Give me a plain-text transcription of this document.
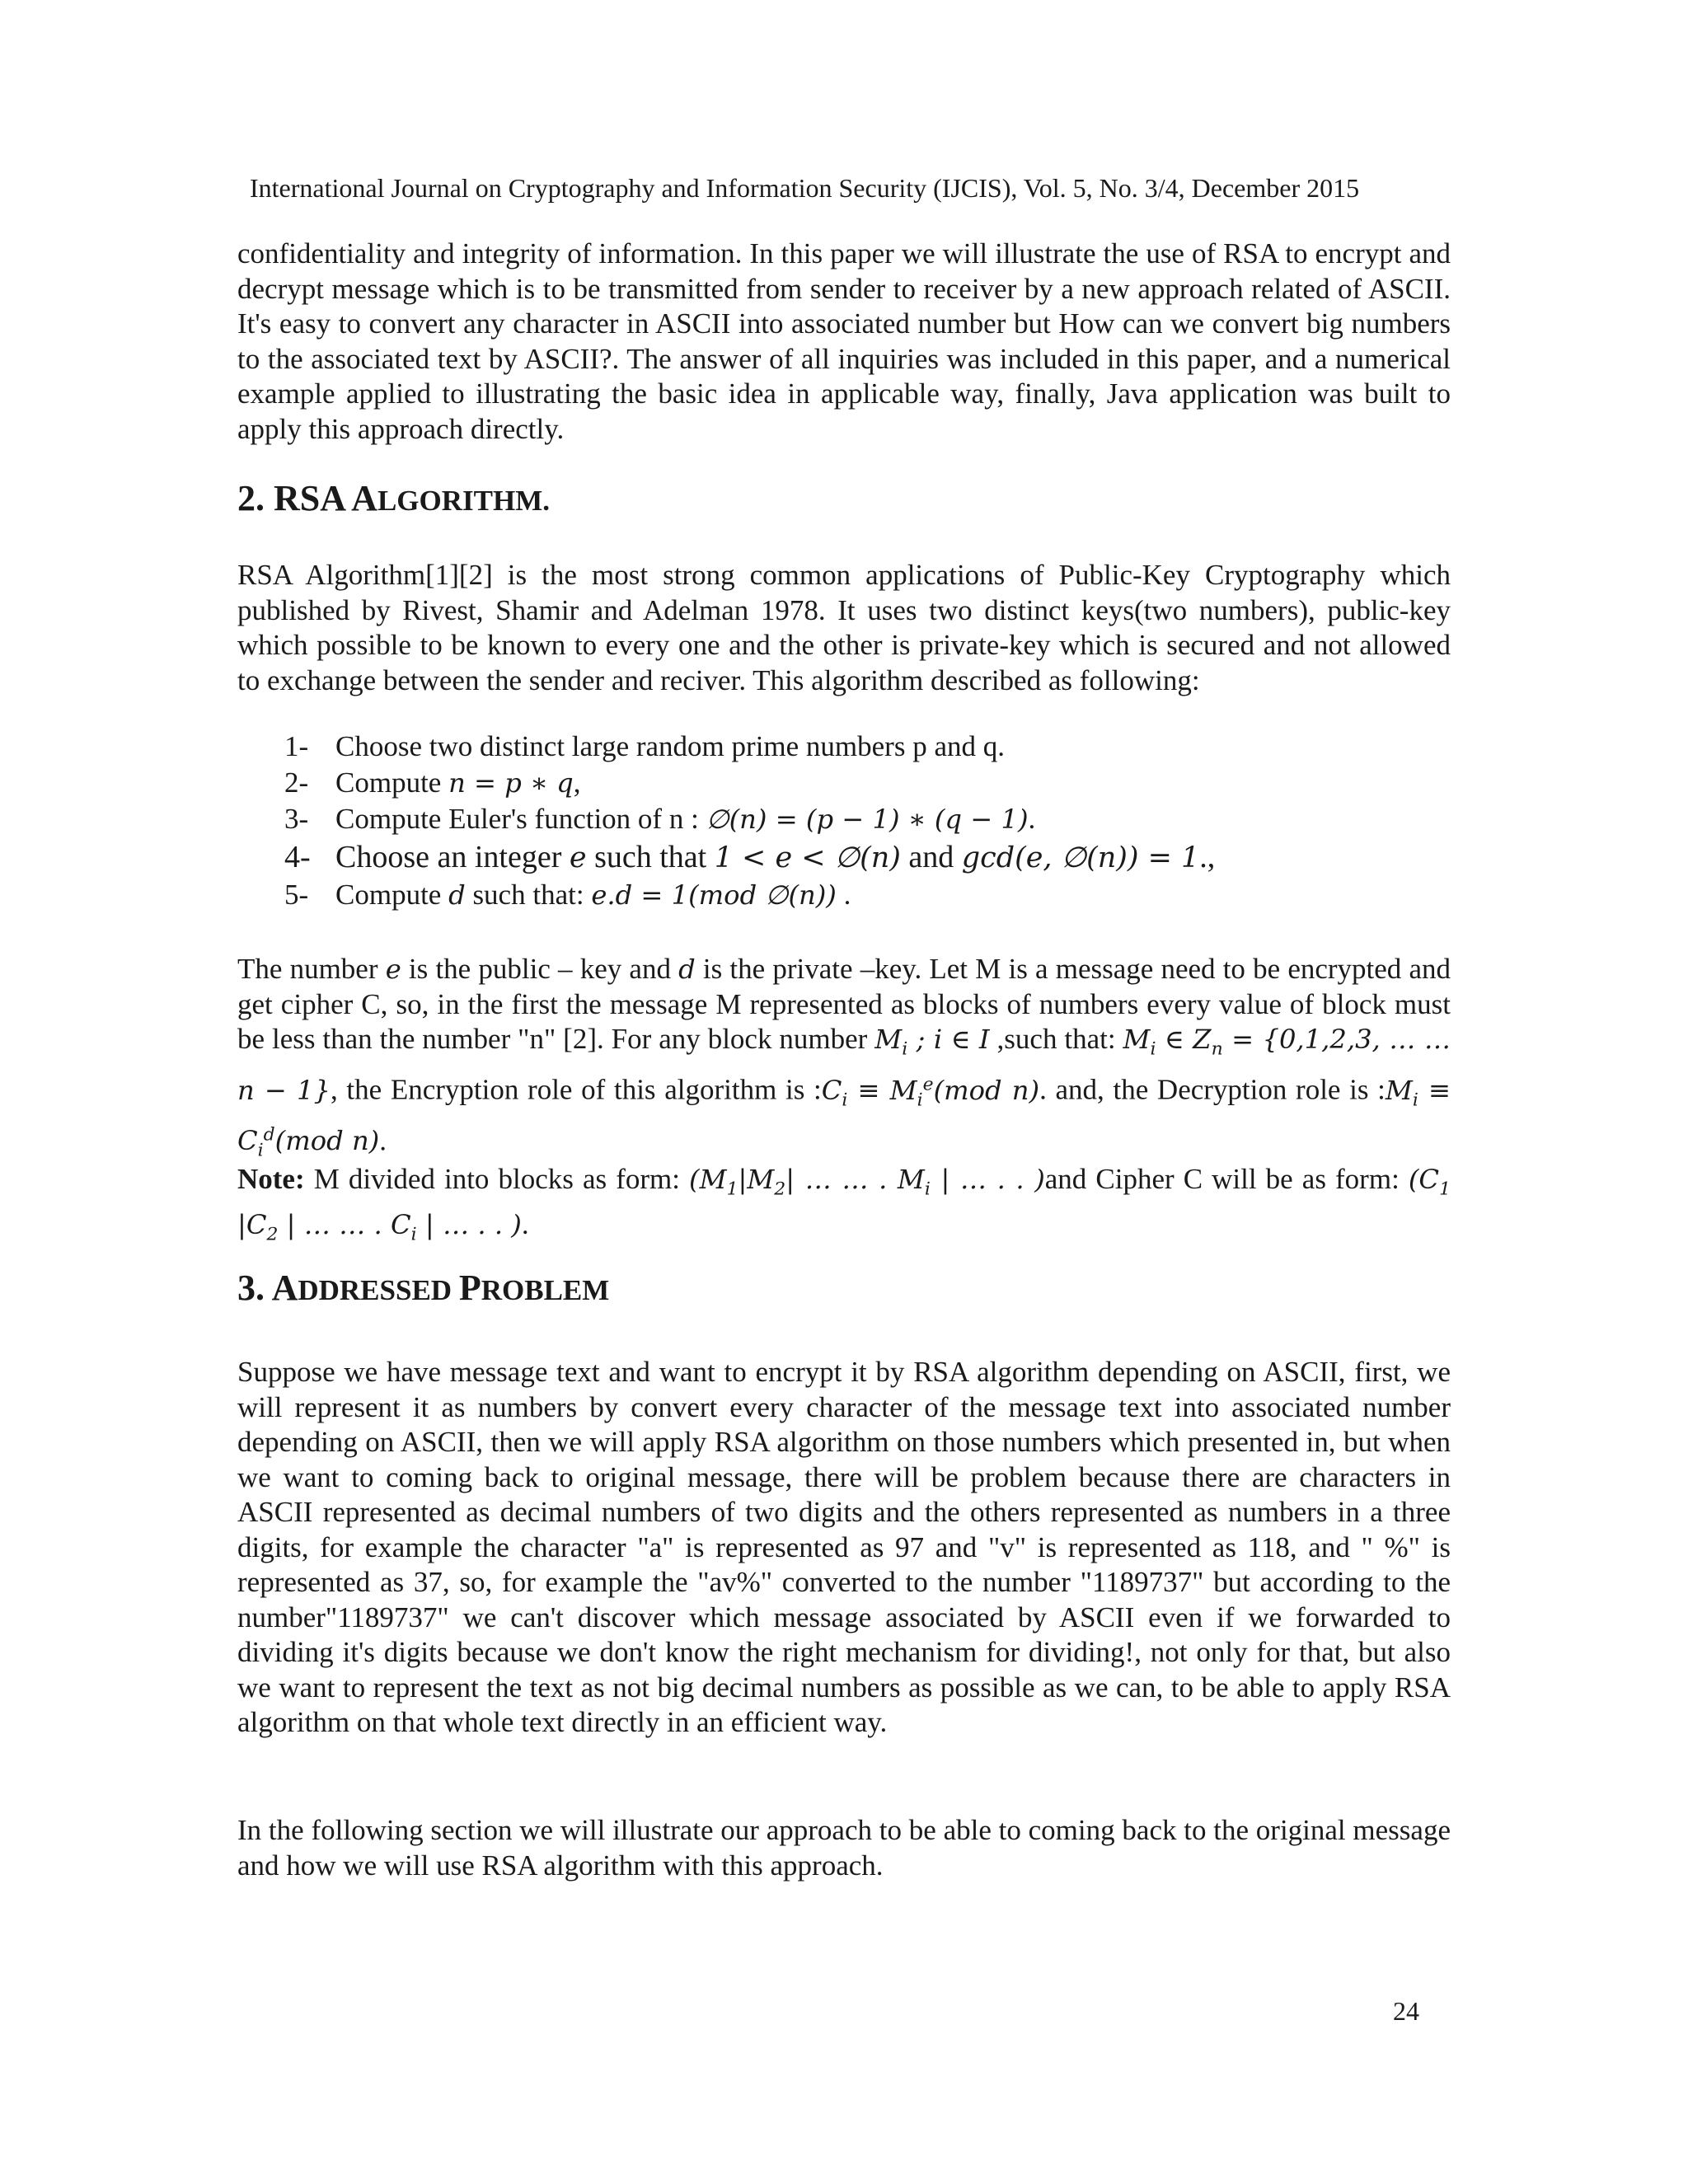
International Journal on Cryptography and Information Security (IJCIS), Vol. 5, No. 3/4, December 2015

confidentiality and integrity of information. In this paper we will illustrate the use of RSA to encrypt and decrypt message which is to be transmitted from sender to receiver by a new approach related of ASCII. It's easy to convert any character in ASCII into associated number but How can we convert big numbers to the associated text by ASCII?. The answer of all inquiries was included in this paper, and a numerical example applied to illustrating the basic idea in applicable way, finally, Java application was built to apply this approach directly.

2. RSA ALGORITHM.

RSA Algorithm[1][2] is the most strong common applications of Public-Key Cryptography which published by Rivest, Shamir and Adelman 1978. It uses two distinct keys(two numbers), public-key which possible to be known to every one and the other is private-key which is secured and not allowed to exchange between the sender and reciver. This algorithm described as following:

1- Choose two distinct large random prime numbers p and q.
2- Compute n = p ∗ q,
3- Compute Euler's function of n : ∅(n) = (p − 1) ∗ (q − 1).
4- Choose an integer e such that 1 < e < ∅(n) and gcd(e, ∅(n)) = 1.,
5- Compute d such that: e.d = 1(mod ∅(n)) .

The number e is the public – key and d is the private –key. Let M is a message need to be encrypted and get cipher C, so, in the first the message M represented as blocks of numbers every value of block must be less than the number "n" [2]. For any block number $M_i$ ; i ∈ I ,such that: $M_i$ ∈ $Z_n = \{0,1,2,3$, … … n − 1}, the Encryption role of this algorithm is $:C_i \equiv M_i^e(mod$ n). and, the Decryption role is $:M_i \equiv C_i^d(mod$ n).

Note: M divided into blocks as form: ($M_1|M_2|$ … … . $M_i$ | … . . )and Cipher C will be as form: ($C_1$ $|C_2$ | … … . $C_i$ | … . . ).

3. ADDRESSED PROBLEM

Suppose we have message text and want to encrypt it by RSA algorithm depending on ASCII, first, we will represent it as numbers by convert every character of the message text into associated number depending on ASCII, then we will apply RSA algorithm on those numbers which presented in, but when we want to coming back to original message, there will be problem because there are characters in ASCII represented as decimal numbers of two digits and the others represented as numbers in a three digits, for example the character "a" is represented as 97 and "v" is represented as 118, and " %" is represented as 37, so, for example the "av%" converted to the number "1189737" but according to the number"1189737" we can't discover which message associated by ASCII even if we forwarded to dividing it's digits because we don't know the right mechanism for dividing!, not only for that, but also we want to represent the text as not big decimal numbers as possible as we can, to be able to apply RSA algorithm on that whole text directly in an efficient way.

In the following section we will illustrate our approach to be able to coming back to the original message and how we will use RSA algorithm with this approach.

24
